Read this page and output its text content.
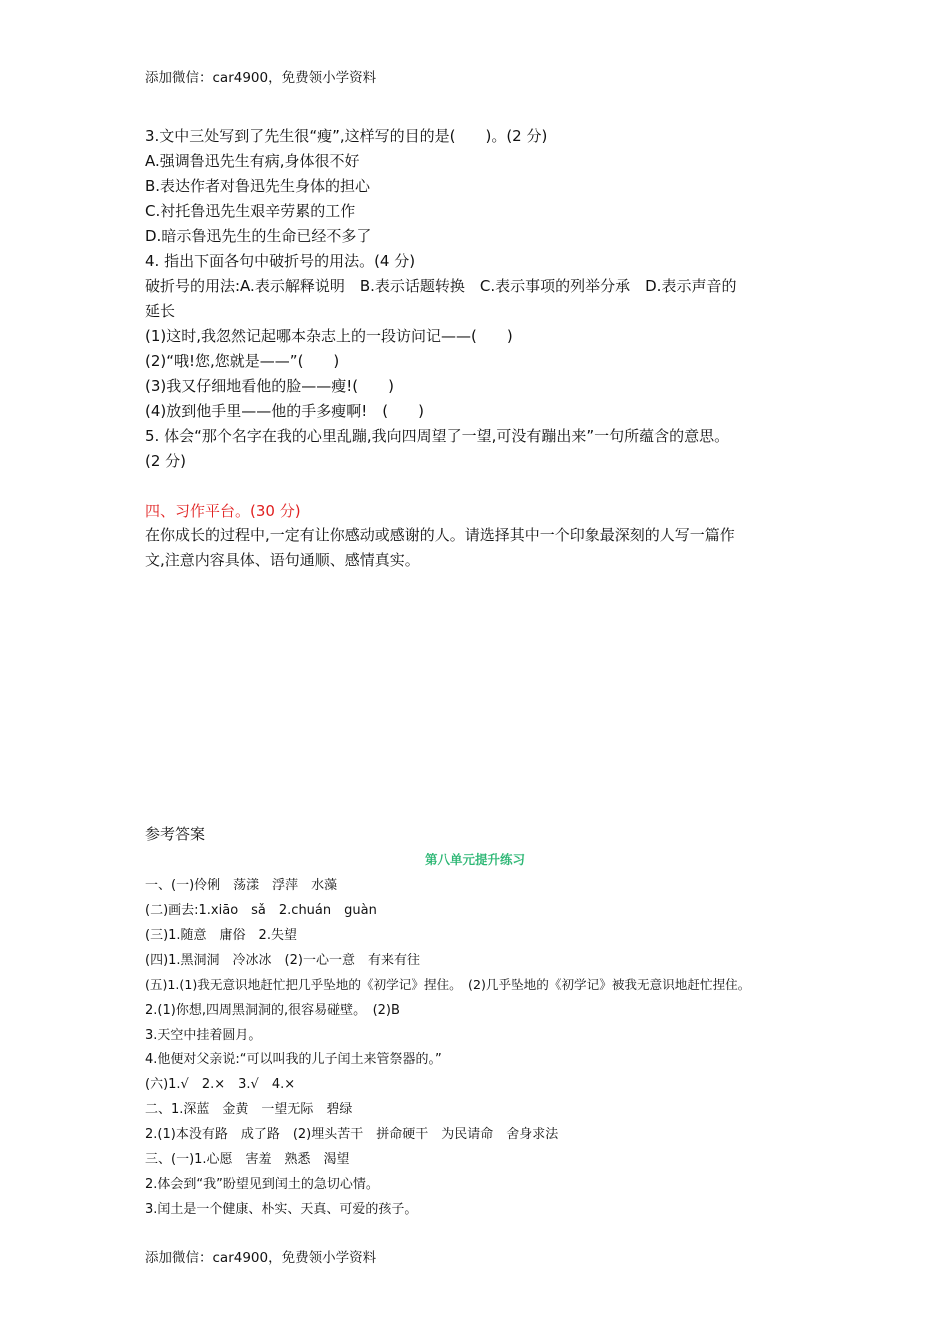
添加微信：car4900，免费领小学资料
3.文中三处写到了先生很“瘦”,这样写的目的是(　　)。(2 分)
A.强调鲁迅先生有病,身体很不好
B.表达作者对鲁迅先生身体的担心
C.衬托鲁迅先生艰辛劳累的工作
D.暗示鲁迅先生的生命已经不多了
4. 指出下面各句中破折号的用法。(4 分)
破折号的用法:A.表示解释说明　B.表示话题转换　C.表示事项的列举分承　D.表示声音的
延长
(1)这时,我忽然记起哪本杂志上的一段访问记——(　　)
(2)“哦!您,您就是——”(　　)
(3)我又仔细地看他的脸——瘦!(　　)
(4)放到他手里——他的手多瘦啊!　(　　)
5. 体会“那个名字在我的心里乱蹦,我向四周望了一望,可没有蹦出来”一句所蕴含的意思。
(2 分)
四、习作平台。(30 分)
在你成长的过程中,一定有让你感动或感谢的人。请选择其中一个印象最深刻的人写一篇作
文,注意内容具体、语句通顺、感情真实。
参考答案
第八单元提升练习
一、(一)伶俐　荡漾　浮萍　水藻
(二)画去:1.xiāo　sǎ　2.chuán　guàn
(三)1.随意　庸俗　2.失望
(四)1.黑洞洞　冷冰冰　(2)一心一意　有来有往
(五)1.(1)我无意识地赶忙把几乎坠地的《初学记》捏住。　(2)几乎坠地的《初学记》被我无意识地赶忙捏住。
2.(1)你想,四周黑洞洞的,很容易碰壁。　(2)B
3.天空中挂着圆月。
4.他便对父亲说:“可以叫我的儿子闰土来管祭器的。”
(六)1.√　2.×　3.√　4.×
二、1.深蓝　金黄　一望无际　碧绿
2.(1)本没有路　成了路　(2)埋头苦干　拼命硬干　为民请命　舍身求法
三、(一)1.心愿　害羞　熟悉　渴望
2.体会到“我”盼望见到闰土的急切心情。
3.闰土是一个健康、朴实、天真、可爱的孩子。
添加微信：car4900，免费领小学资料
